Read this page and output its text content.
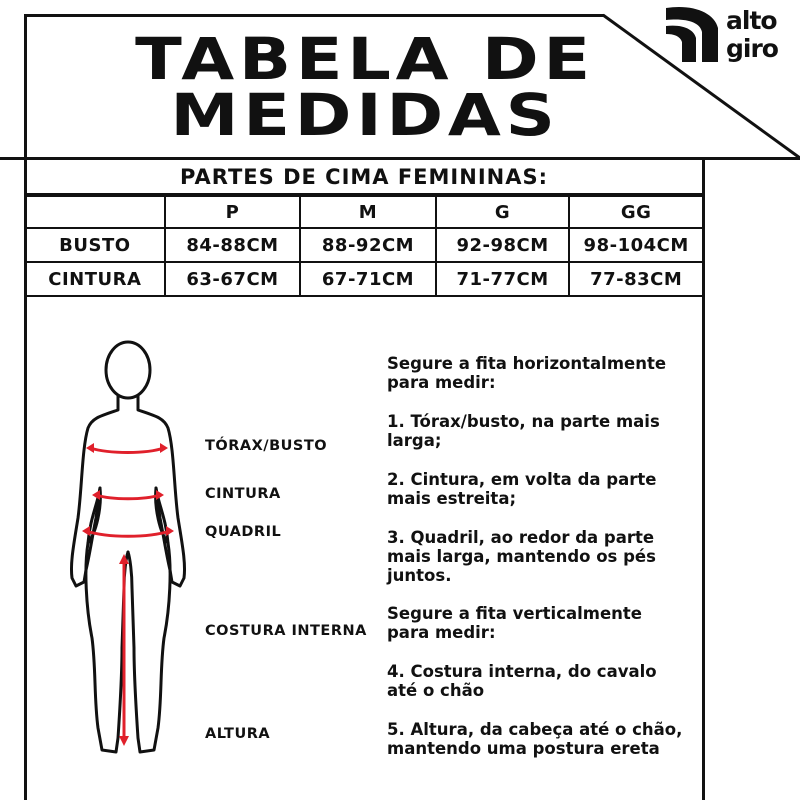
alto
giro
TABELA DE
MEDIDAS
PARTES DE CIMA FEMININAS:
	P	M	G	GG
BUSTO	84-88CM	88-92CM	92-98CM	98-104CM
CINTURA	63-67CM	67-71CM	71-77CM	77-83CM
TÓRAX/BUSTO
CINTURA
QUADRIL
COSTURA INTERNA
ALTURA
Segure a fita horizontalmente
para medir:
1. Tórax/busto, na parte mais
larga;
2. Cintura, em volta da parte
mais estreita;
3. Quadril, ao redor da parte
mais larga, mantendo os pés
juntos.
Segure a fita verticalmente
para medir:
4. Costura interna, do cavalo
até o chão
5. Altura, da cabeça até o chão,
mantendo uma postura ereta
